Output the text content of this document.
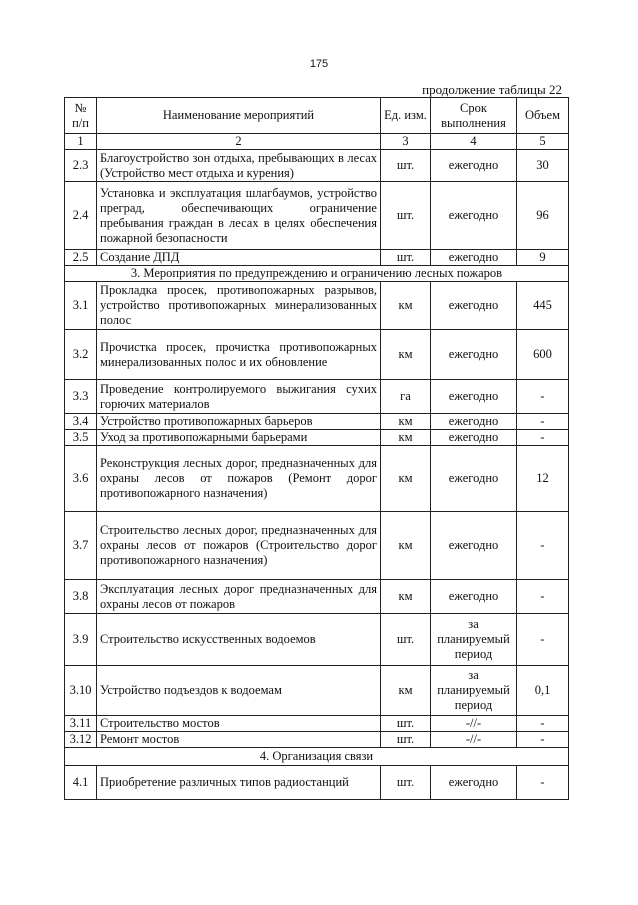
175
продолжение таблицы 22
№ п/п	Наименование мероприятий	Ед. изм.	Срок выполнения	Объем
1	2	3	4	5
2.3	Благоустройство зон отдыха, пребывающих в лесах (Устройство мест отдыха и курения)	шт.	ежегодно	30
2.4	Установка и эксплуатация шлагбаумов, устройство преград, обеспечивающих ограничение пребывания граждан в лесах в целях обеспечения пожарной безопасности	шт.	ежегодно	96
2.5	Создание ДПД	шт.	ежегодно	9
3. Мероприятия по предупреждению и ограничению лесных пожаров				
3.1	Прокладка просек, противопожарных разрывов, устройство противопожарных минерализованных полос	км	ежегодно	445
3.2	Прочистка просек, прочистка противопожарных минерализованных полос и их обновление	км	ежегодно	600
3.3	Проведение контролируемого выжигания сухих горючих материалов	га	ежегодно	-
3.4	Устройство противопожарных барьеров	км	ежегодно	-
3.5	Уход за противопожарными барьерами	км	ежегодно	-
3.6	Реконструкция лесных дорог, предназначенных для охраны лесов от пожаров (Ремонт дорог противопожарного назначения)	км	ежегодно	12
3.7	Строительство лесных дорог, предназначенных для охраны лесов от пожаров (Строительство дорог противопожарного назначения)	км	ежегодно	-
3.8	Эксплуатация лесных дорог предназначенных для охраны лесов от пожаров	км	ежегодно	-
3.9	Строительство искусственных водоемов	шт.	за планируемый период	-
3.10	Устройство подъездов к водоемам	км	за планируемый период	0,1
3.11	Строительство мостов	шт.	-//-	-
3.12	Ремонт мостов	шт.	-//-	-
4. Организация связи				
4.1	Приобретение различных типов радиостанций	шт.	ежегодно	-
